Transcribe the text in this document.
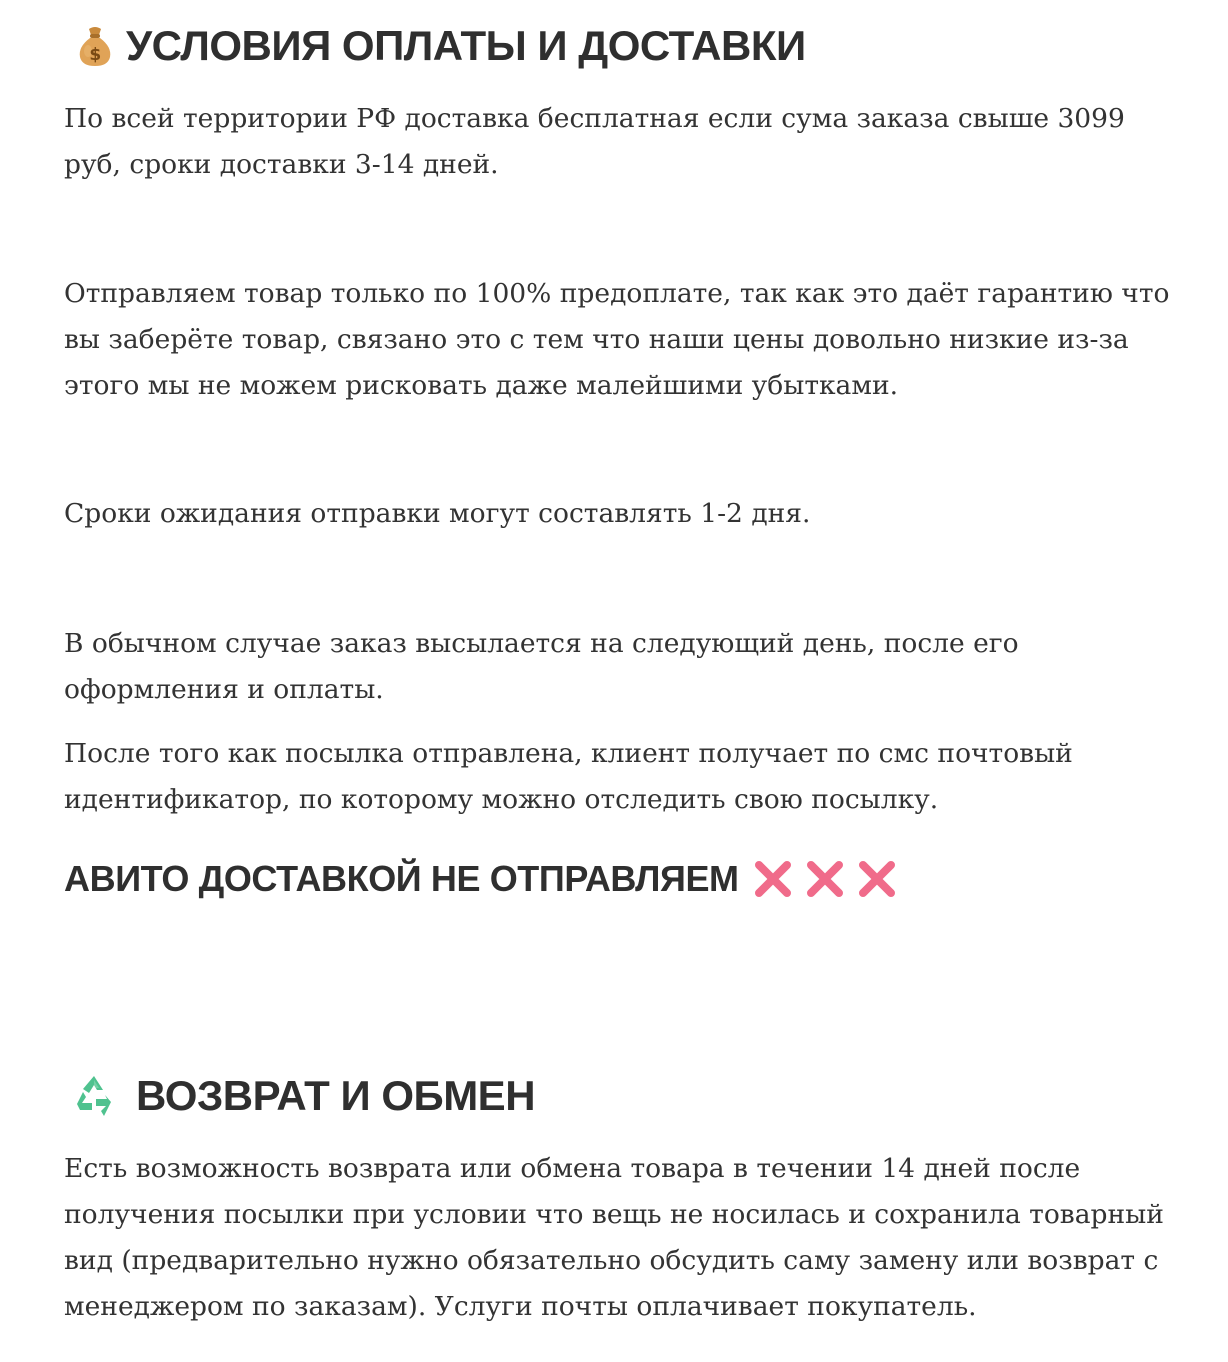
$ УСЛОВИЯ ОПЛАТЫ И ДОСТАВКИ

По всей территории РФ доставка бесплатная если сума заказа свыше 3099 руб, сроки доставки 3-14 дней.

Отправляем товар только по 100% предоплате, так как это даёт гарантию что вы заберёте товар, связано это с тем что наши цены довольно низкие из-за этого мы не можем рисковать даже малейшими убытками.

Сроки ожидания отправки могут составлять 1-2 дня.

В обычном случае заказ высылается на следующий день, после его оформления и оплаты.

После того как посылка отправлена, клиент получает по смс почтовый идентификатор, по которому можно отследить свою посылку.

АВИТО ДОСТАВКОЙ НЕ ОТПРАВЛЯЕМ
ВОЗВРАТ И ОБМЕН

Есть возможность возврата или обмена товара в течении 14 дней после получения посылки при условии что вещь не носилась и сохранила товарный вид (предварительно нужно обязательно обсудить саму замену или возврат с менеджером по заказам). Услуги почты оплачивает покупатель.
